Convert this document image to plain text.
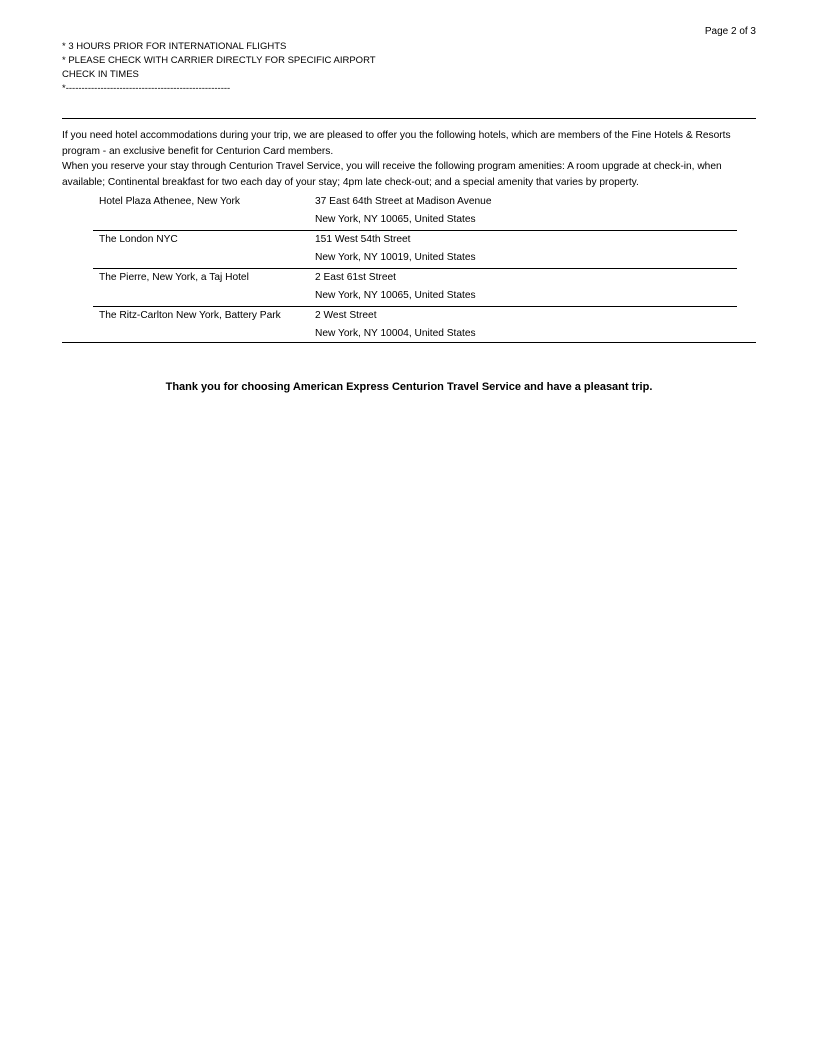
Page 2 of 3
* 3 HOURS PRIOR FOR INTERNATIONAL FLIGHTS
* PLEASE CHECK WITH CARRIER DIRECTLY FOR SPECIFIC AIRPORT
CHECK IN TIMES
*----------------------------------------------------

If you need hotel accommodations during your trip, we are pleased to offer you the following hotels, which are members of the Fine Hotels & Resorts program - an exclusive benefit for Centurion Card members.

When you reserve your stay through Centurion Travel Service, you will receive the following program amenities: A room upgrade at check-in, when available; Continental breakfast for two each day of your stay; 4pm late check-out; and a special amenity that varies by property.

Hotel Plaza Athenee, New York	37 East 64th Street at Madison Avenue
	New York, NY 10065, United States
The London NYC	151 West 54th Street
	New York, NY 10019, United States
The Pierre, New York, a Taj Hotel	2 East 61st Street
	New York, NY 10065, United States
The Ritz-Carlton New York, Battery Park	2 West Street
	New York, NY 10004, United States
Thank you for choosing American Express Centurion Travel Service and have a pleasant trip.
